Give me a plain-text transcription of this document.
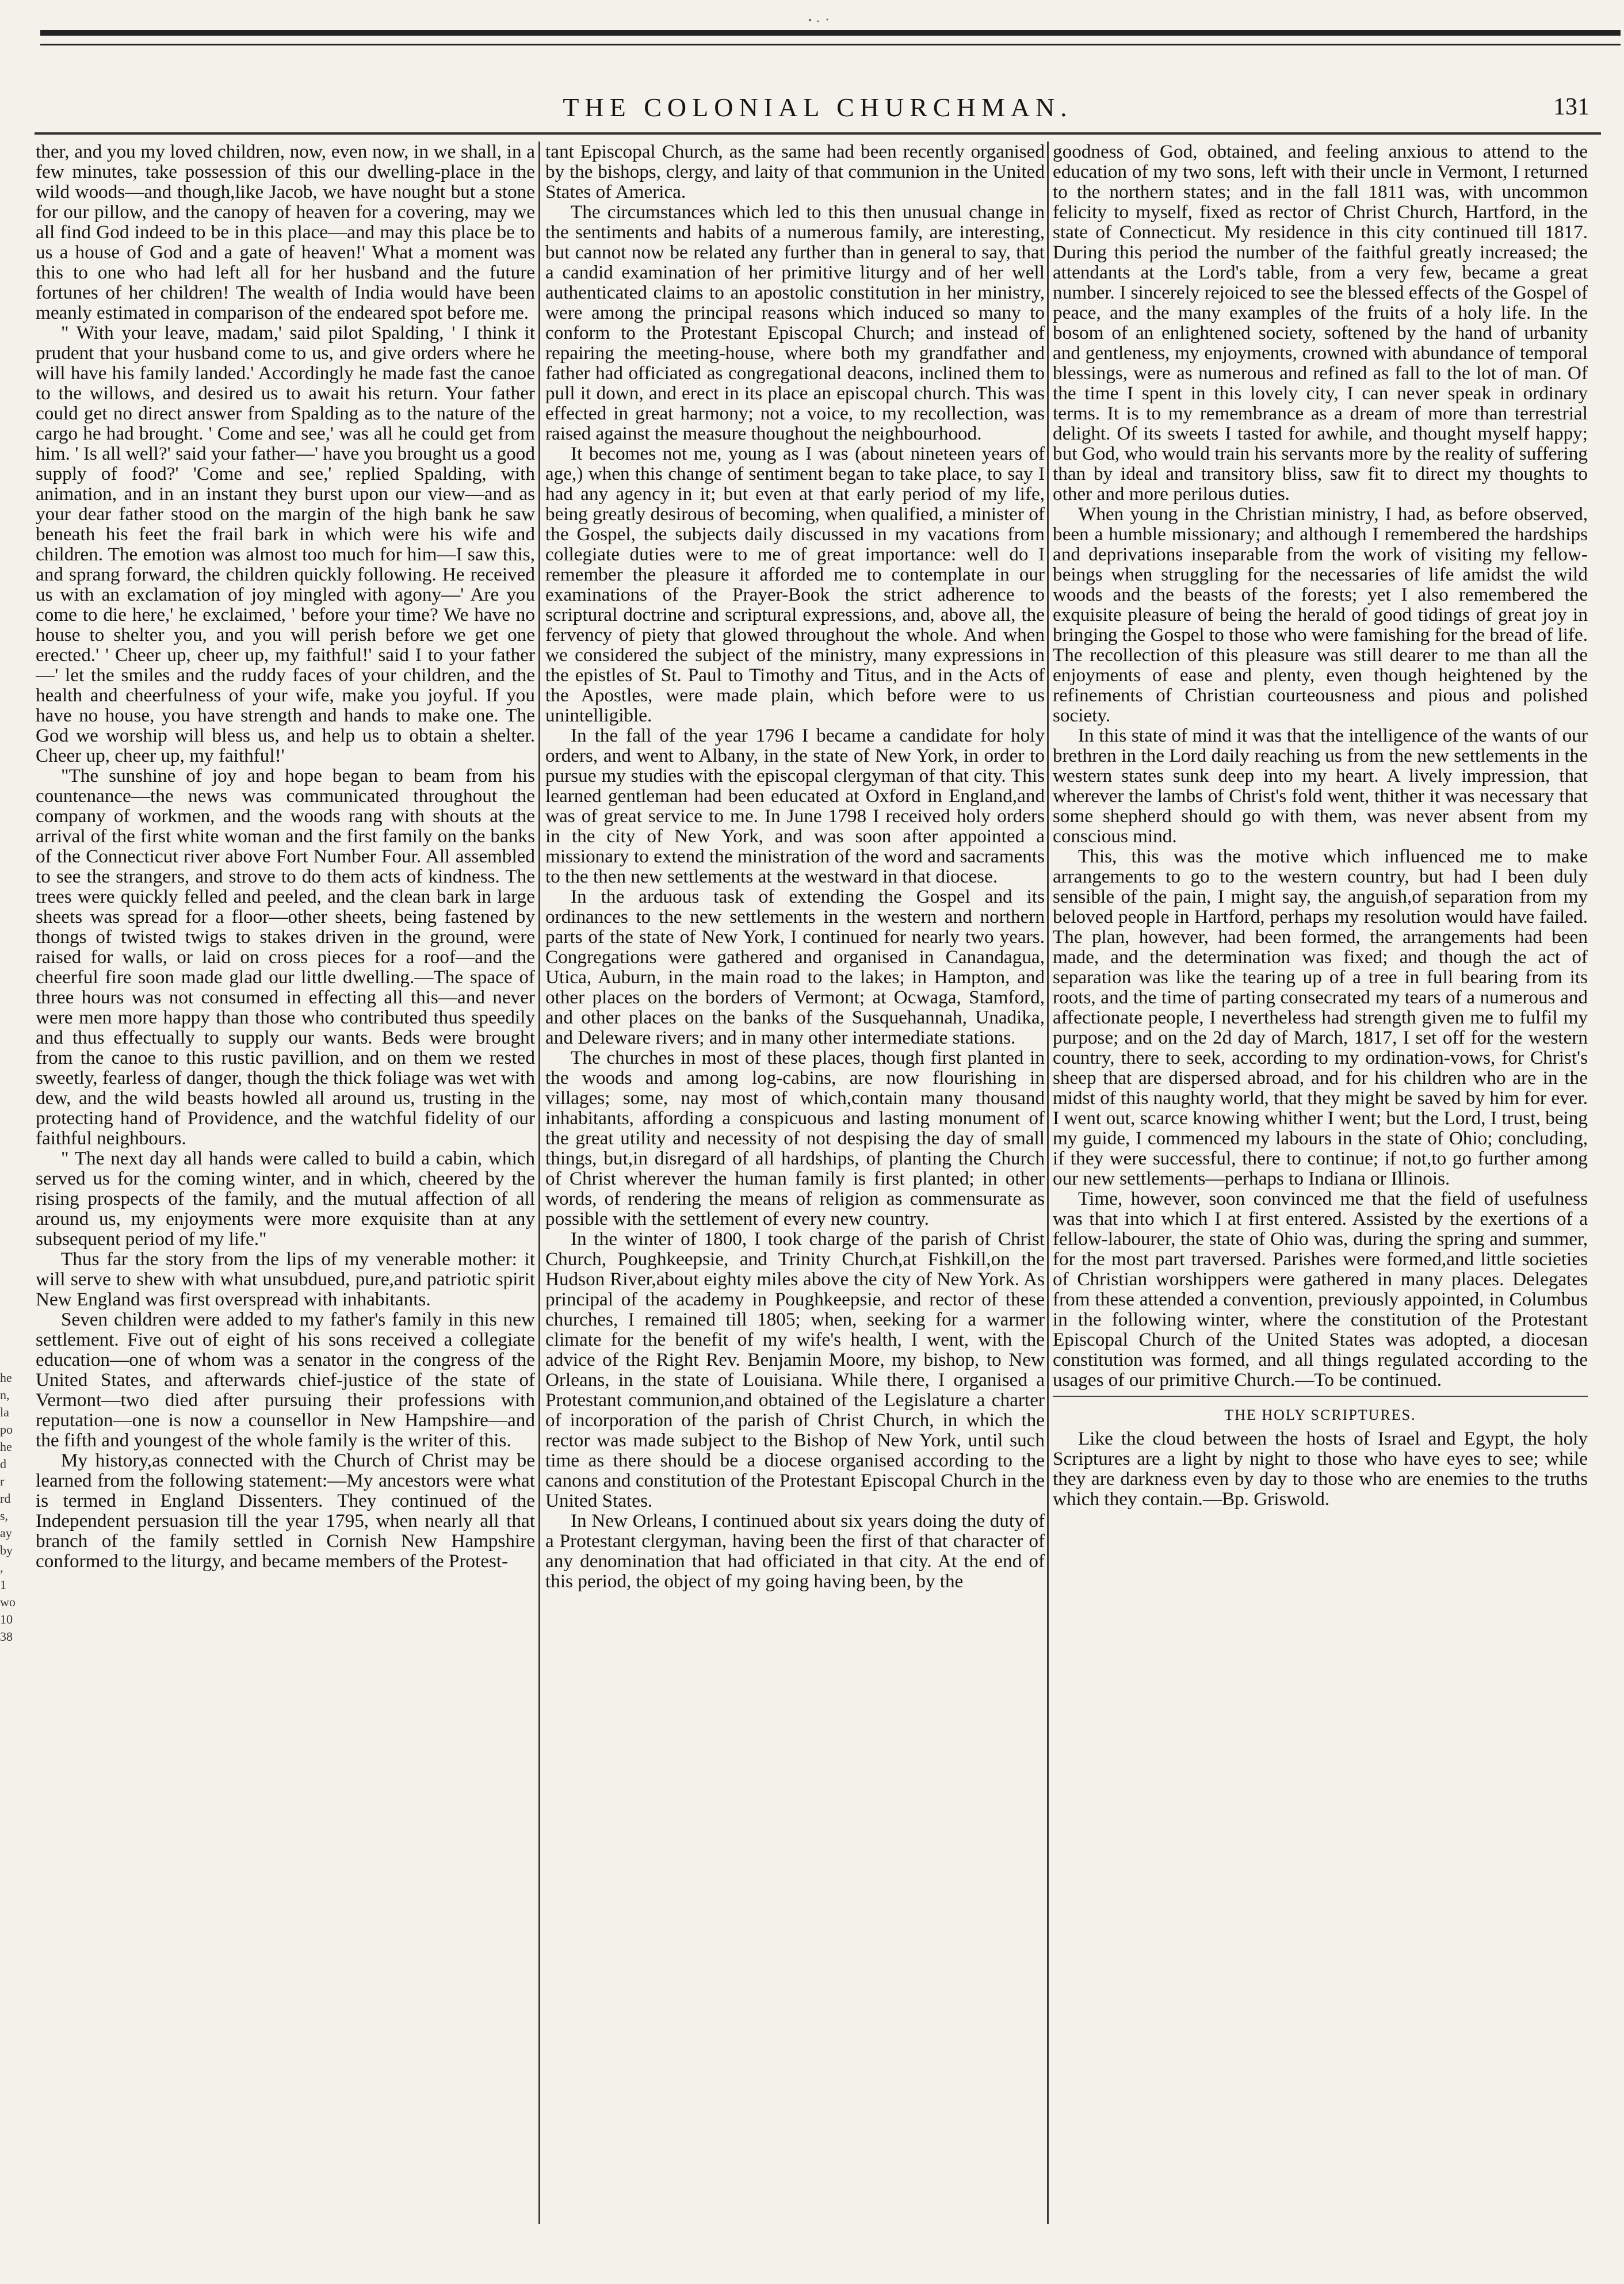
THE COLONIAL CHURCHMAN.	131

ther, and you my loved children, now, even now, in we shall, in a few minutes, take possession of this our dwelling-place in the wild woods—and though,like Jacob, we have nought but a stone for our pillow, and the canopy of heaven for a covering, may we all find God indeed to be in this place—and may this place be to us a house of God and a gate of heaven!' What a moment was this to one who had left all for her husband and the future fortunes of her children! The wealth of India would have been meanly estimated in comparison of the endeared spot before me.

" With your leave, madam,' said pilot Spalding, ' I think it prudent that your husband come to us, and give orders where he will have his family landed.' Accordingly he made fast the canoe to the willows, and desired us to await his return. Your father could get no direct answer from Spalding as to the nature of the cargo he had brought. ' Come and see,' was all he could get from him. ' Is all well?' said your father—' have you brought us a good supply of food?' 'Come and see,' replied Spalding, with animation, and in an instant they burst upon our view—and as your dear father stood on the margin of the high bank he saw beneath his feet the frail bark in which were his wife and children. The emotion was almost too much for him—I saw this, and sprang forward, the children quickly following. He received us with an exclamation of joy mingled with agony—' Are you come to die here,' he exclaimed, ' before your time? We have no house to shelter you, and you will perish before we get one erected.' ' Cheer up, cheer up, my faithful!' said I to your father—' let the smiles and the ruddy faces of your children, and the health and cheerfulness of your wife, make you joyful. If you have no house, you have strength and hands to make one. The God we worship will bless us, and help us to obtain a shelter. Cheer up, cheer up, my faithful!'

"The sunshine of joy and hope began to beam from his countenance—the news was communicated throughout the company of workmen, and the woods rang with shouts at the arrival of the first white woman and the first family on the banks of the Connecticut river above Fort Number Four. All assembled to see the strangers, and strove to do them acts of kindness. The trees were quickly felled and peeled, and the clean bark in large sheets was spread for a floor—other sheets, being fastened by thongs of twisted twigs to stakes driven in the ground, were raised for walls, or laid on cross pieces for a roof—and the cheerful fire soon made glad our little dwelling.—The space of three hours was not consumed in effecting all this—and never were men more happy than those who contributed thus speedily and thus effectually to supply our wants. Beds were brought from the canoe to this rustic pavillion, and on them we rested sweetly, fearless of danger, though the thick foliage was wet with dew, and the wild beasts howled all around us, trusting in the protecting hand of Providence, and the watchful fidelity of our faithful neighbours.

" The next day all hands were called to build a cabin, which served us for the coming winter, and in which, cheered by the rising prospects of the family, and the mutual affection of all around us, my enjoyments were more exquisite than at any subsequent period of my life."

Thus far the story from the lips of my venerable mother: it will serve to shew with what unsubdued, pure,and patriotic spirit New England was first overspread with inhabitants.

Seven children were added to my father's family in this new settlement. Five out of eight of his sons received a collegiate education—one of whom was a senator in the congress of the United States, and afterwards chief-justice of the state of Vermont—two died after pursuing their professions with reputation—one is now a counsellor in New Hampshire—and the fifth and youngest of the whole family is the writer of this.

My history,as connected with the Church of Christ may be learned from the following statement:—My ancestors were what is termed in England Dissenters. They continued of the Independent persuasion till the year 1795, when nearly all that branch of the family settled in Cornish New Hampshire conformed to the liturgy, and became members of the Protest-

tant Episcopal Church, as the same had been recently organised by the bishops, clergy, and laity of that communion in the United States of America.

The circumstances which led to this then unusual change in the sentiments and habits of a numerous family, are interesting, but cannot now be related any further than in general to say, that a candid examination of her primitive liturgy and of her well authenticated claims to an apostolic constitution in her ministry, were among the principal reasons which induced so many to conform to the Protestant Episcopal Church; and instead of repairing the meeting-house, where both my grandfather and father had officiated as congregational deacons, inclined them to pull it down, and erect in its place an episcopal church. This was effected in great harmony; not a voice, to my recollection, was raised against the measure thoughout the neighbourhood.

It becomes not me, young as I was (about nineteen years of age,) when this change of sentiment began to take place, to say I had any agency in it; but even at that early period of my life, being greatly desirous of becoming, when qualified, a minister of the Gospel, the subjects daily discussed in my vacations from collegiate duties were to me of great importance: well do I remember the pleasure it afforded me to contemplate in our examinations of the Prayer-Book the strict adherence to scriptural doctrine and scriptural expressions, and, above all, the fervency of piety that glowed throughout the whole. And when we considered the subject of the ministry, many expressions in the epistles of St. Paul to Timothy and Titus, and in the Acts of the Apostles, were made plain, which before were to us unintelligible.

In the fall of the year 1796 I became a candidate for holy orders, and went to Albany, in the state of New York, in order to pursue my studies with the episcopal clergyman of that city. This learned gentleman had been educated at Oxford in England,and was of great service to me. In June 1798 I received holy orders in the city of New York, and was soon after appointed a missionary to extend the ministration of the word and sacraments to the then new settlements at the westward in that diocese.

In the arduous task of extending the Gospel and its ordinances to the new settlements in the western and northern parts of the state of New York, I continued for nearly two years. Congregations were gathered and organised in Canandagua, Utica, Auburn, in the main road to the lakes; in Hampton, and other places on the borders of Vermont; at Ocwaga, Stamford, and other places on the banks of the Susquehannah, Unadika, and Deleware rivers; and in many other intermediate stations.

The churches in most of these places, though first planted in the woods and among log-cabins, are now flourishing in villages; some, nay most of which,contain many thousand inhabitants, affording a conspicuous and lasting monument of the great utility and necessity of not despising the day of small things, but,in disregard of all hardships, of planting the Church of Christ wherever the human family is first planted; in other words, of rendering the means of religion as commensurate as possible with the settlement of every new country.

In the winter of 1800, I took charge of the parish of Christ Church, Poughkeepsie, and Trinity Church,at Fishkill,on the Hudson River,about eighty miles above the city of New York. As principal of the academy in Poughkeepsie, and rector of these churches, I remained till 1805; when, seeking for a warmer climate for the benefit of my wife's health, I went, with the advice of the Right Rev. Benjamin Moore, my bishop, to New Orleans, in the state of Louisiana. While there, I organised a Protestant communion,and obtained of the Legislature a charter of incorporation of the parish of Christ Church, in which the rector was made subject to the Bishop of New York, until such time as there should be a diocese organised according to the canons and constitution of the Protestant Episcopal Church in the United States.

In New Orleans, I continued about six years doing the duty of a Protestant clergyman, having been the first of that character of any denomination that had officiated in that city. At the end of this period, the object of my going having been, by the

goodness of God, obtained, and feeling anxious to attend to the education of my two sons, left with their uncle in Vermont, I returned to the northern states; and in the fall 1811 was, with uncommon felicity to myself, fixed as rector of Christ Church, Hartford, in the state of Connecticut. My residence in this city continued till 1817. During this period the number of the faithful greatly increased; the attendants at the Lord's table, from a very few, became a great number. I sincerely rejoiced to see the blessed effects of the Gospel of peace, and the many examples of the fruits of a holy life. In the bosom of an enlightened society, softened by the hand of urbanity and gentleness, my enjoyments, crowned with abundance of temporal blessings, were as numerous and refined as fall to the lot of man. Of the time I spent in this lovely city, I can never speak in ordinary terms. It is to my remembrance as a dream of more than terrestrial delight. Of its sweets I tasted for awhile, and thought myself happy; but God, who would train his servants more by the reality of suffering than by ideal and transitory bliss, saw fit to direct my thoughts to other and more perilous duties.

When young in the Christian ministry, I had, as before observed, been a humble missionary; and although I remembered the hardships and deprivations inseparable from the work of visiting my fellow-beings when struggling for the necessaries of life amidst the wild woods and the beasts of the forests; yet I also remembered the exquisite pleasure of being the herald of good tidings of great joy in bringing the Gospel to those who were famishing for the bread of life. The recollection of this pleasure was still dearer to me than all the enjoyments of ease and plenty, even though heightened by the refinements of Christian courteousness and pious and polished society.

In this state of mind it was that the intelligence of the wants of our brethren in the Lord daily reaching us from the new settlements in the western states sunk deep into my heart. A lively impression, that wherever the lambs of Christ's fold went, thither it was necessary that some shepherd should go with them, was never absent from my conscious mind.

This, this was the motive which influenced me to make arrangements to go to the western country, but had I been duly sensible of the pain, I might say, the anguish,of separation from my beloved people in Hartford, perhaps my resolution would have failed. The plan, however, had been formed, the arrangements had been made, and the determination was fixed; and though the act of separation was like the tearing up of a tree in full bearing from its roots, and the time of parting consecrated my tears of a numerous and affectionate people, I nevertheless had strength given me to fulfil my purpose; and on the 2d day of March, 1817, I set off for the western country, there to seek, according to my ordination-vows, for Christ's sheep that are dispersed abroad, and for his children who are in the midst of this naughty world, that they might be saved by him for ever. I went out, scarce knowing whither I went; but the Lord, I trust, being my guide, I commenced my labours in the state of Ohio; concluding, if they were successful, there to continue; if not,to go further among our new settlements—perhaps to Indiana or Illinois.

Time, however, soon convinced me that the field of usefulness was that into which I at first entered. Assisted by the exertions of a fellow-labourer, the state of Ohio was, during the spring and summer, for the most part traversed. Parishes were formed,and little societies of Christian worshippers were gathered in many places. Delegates from these attended a convention, previously appointed, in Columbus in the following winter, where the constitution of the Protestant Episcopal Church of the United States was adopted, a diocesan constitution was formed, and all things regulated according to the usages of our primitive Church.—To be continued.

THE HOLY SCRIPTURES.

Like the cloud between the hosts of Israel and Egypt, the holy Scriptures are a light by night to those who have eyes to see; while they are darkness even by day to those who are enemies to the truths which they contain.—Bp. Griswold.

he
n,
la
po
he
d
r
rd
s,
ay
by
,
1
wo
10
38
